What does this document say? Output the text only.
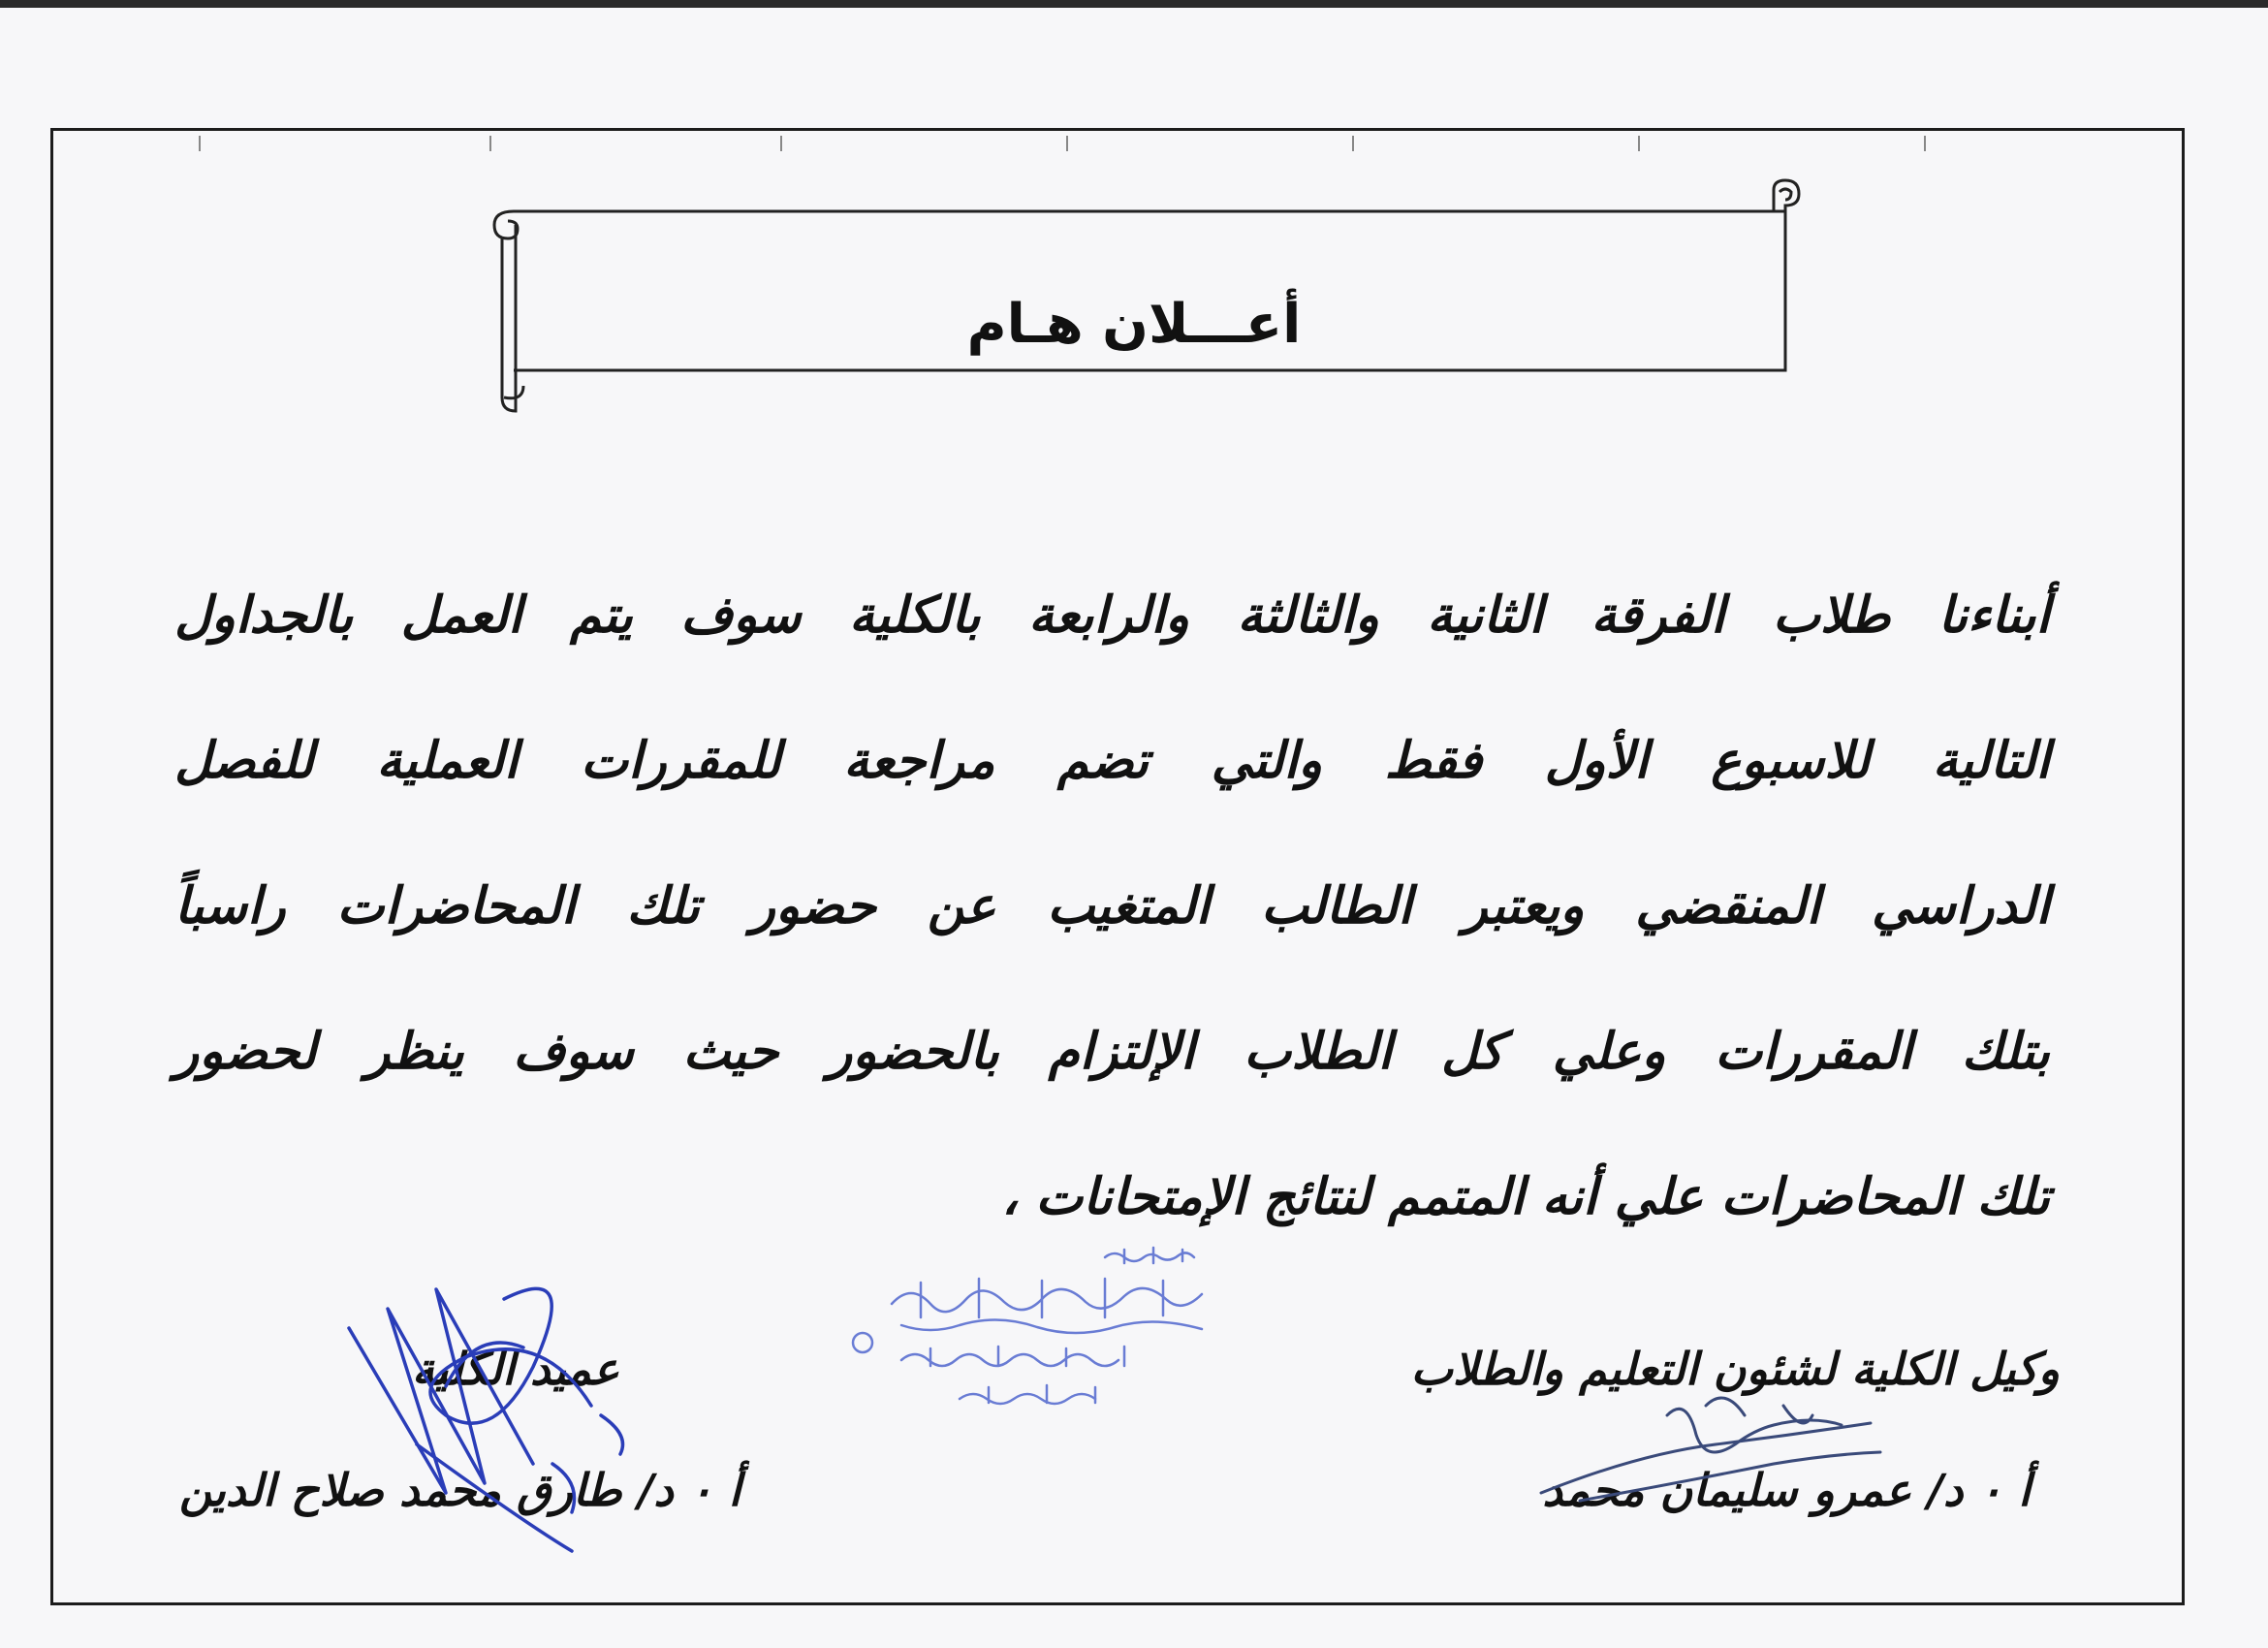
أعـــلان هـام
أبناءنا طلاب الفرقة الثانية والثالثة والرابعة بالكلية سوف يتم العمل بالجداول
التالية للاسبوع الأول فقط والتي تضم مراجعة للمقررات العملية للفصل
الدراسي المنقضي ويعتبر الطالب المتغيب عن حضور تلك المحاضرات راسباً
بتلك المقررات وعلي كل الطلاب الإلتزام بالحضور حيث سوف ينظر لحضور
تلك المحاضرات علي أنه المتمم لنتائج الإمتحانات ،
وكيل الكلية لشئون التعليم والطلاب
أ ٠ د/ عمرو سليمان محمد
عميد الكلية
أ ٠ د/ طارق محمد صلاح الدين
